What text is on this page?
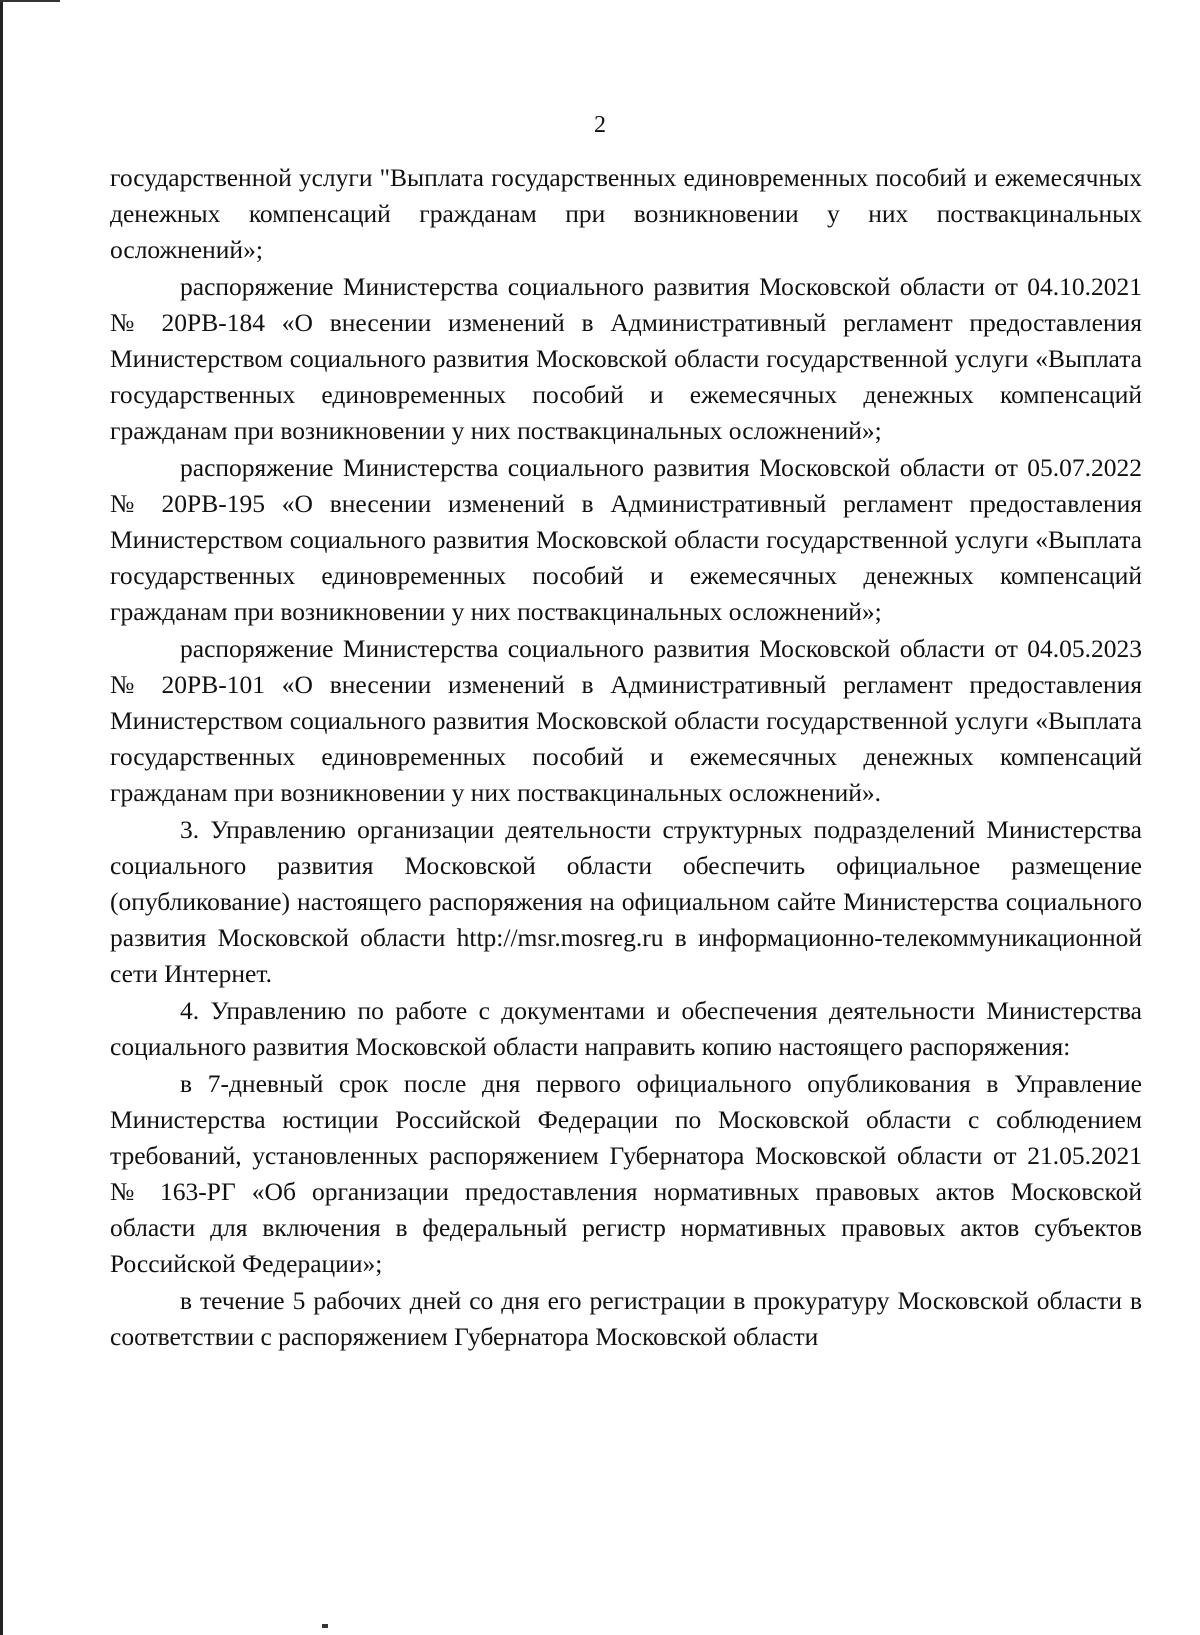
2

государственной услуги "Выплата государственных единовременных пособий и ежемесячных денежных компенсаций гражданам при возникновении у них поствакцинальных осложнений»;

распоряжение Министерства социального развития Московской области от 04.10.2021 № 20РВ-184 «О внесении изменений в Административный регламент предоставления Министерством социального развития Московской области государственной услуги «Выплата государственных единовременных пособий и ежемесячных денежных компенсаций гражданам при возникновении у них поствакцинальных осложнений»;

распоряжение Министерства социального развития Московской области от 05.07.2022 № 20РВ-195 «О внесении изменений в Административный регламент предоставления Министерством социального развития Московской области государственной услуги «Выплата государственных единовременных пособий и ежемесячных денежных компенсаций гражданам при возникновении у них поствакцинальных осложнений»;

распоряжение Министерства социального развития Московской области от 04.05.2023 № 20РВ-101 «О внесении изменений в Административный регламент предоставления Министерством социального развития Московской области государственной услуги «Выплата государственных единовременных пособий и ежемесячных денежных компенсаций гражданам при возникновении у них поствакцинальных осложнений».

3. Управлению организации деятельности структурных подразделений Министерства социального развития Московской области обеспечить официальное размещение (опубликование) настоящего распоряжения на официальном сайте Министерства социального развития Московской области http://msr.mosreg.ru в информационно-телекоммуникационной сети Интернет.

4. Управлению по работе с документами и обеспечения деятельности Министерства социального развития Московской области направить копию настоящего распоряжения:

в 7-дневный срок после дня первого официального опубликования в Управление Министерства юстиции Российской Федерации по Московской области с соблюдением требований, установленных распоряжением Губернатора Московской области от 21.05.2021 № 163-РГ «Об организации предоставления нормативных правовых актов Московской области для включения в федеральный регистр нормативных правовых актов субъектов Российской Федерации»;

в течение 5 рабочих дней со дня его регистрации в прокуратуру Московской области в соответствии с распоряжением Губернатора Московской области
